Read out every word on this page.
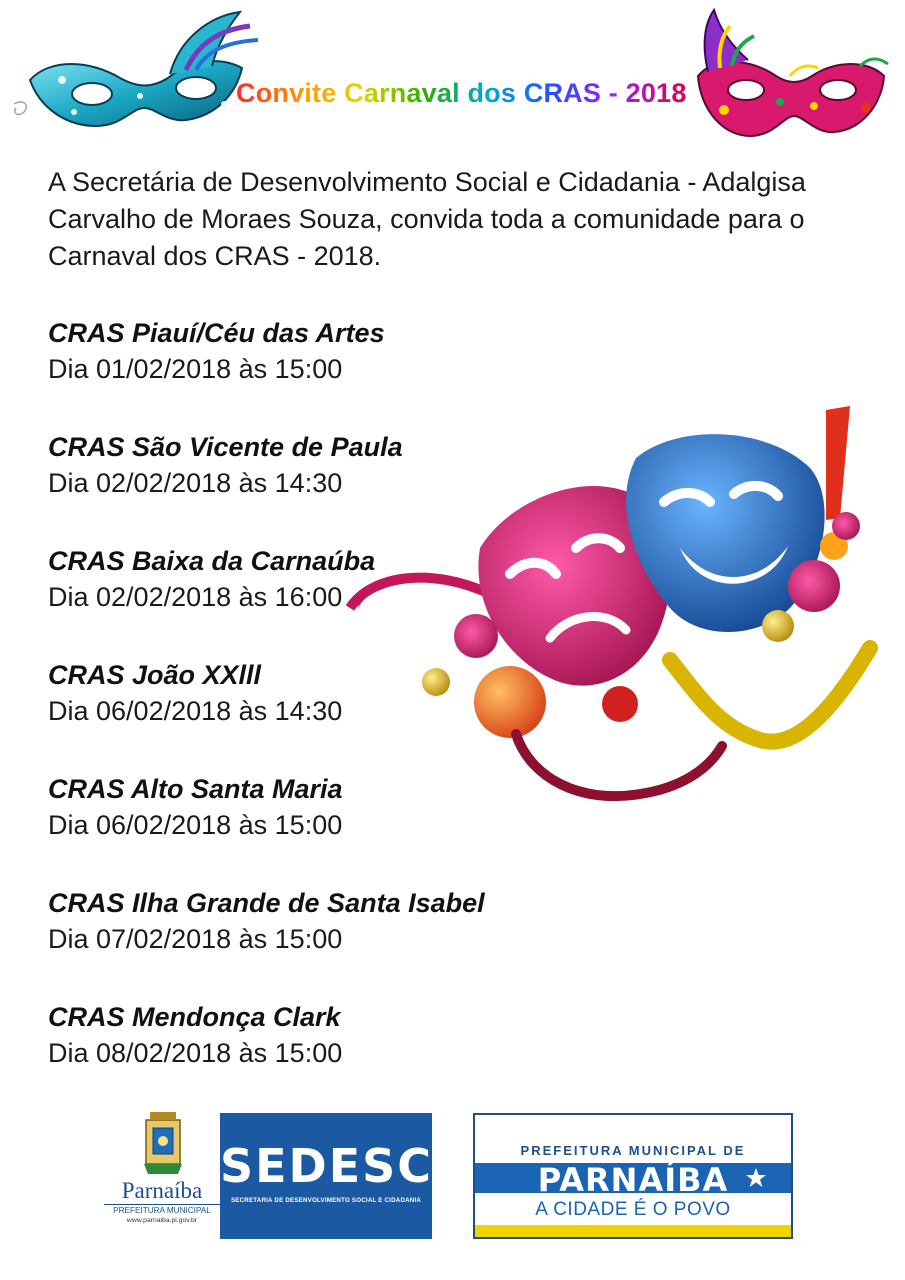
Convite Carnaval dos CRAS - 2018
A Secretária de Desenvolvimento Social e Cidadania - Adalgisa
Carvalho de Moraes Souza, convida toda a comunidade para o
Carnaval dos CRAS - 2018.
CRAS Piauí/Céu das Artes
Dia 01/02/2018 às 15:00
CRAS São Vicente de Paula
Dia 02/02/2018 às 14:30
CRAS Baixa da Carnaúba
Dia 02/02/2018 às 16:00
CRAS João XXlll
Dia 06/02/2018 às 14:30
CRAS Alto Santa Maria
Dia 06/02/2018 às 15:00
CRAS Ilha Grande de Santa Isabel
Dia 07/02/2018 às 15:00
CRAS Mendonça Clark
Dia 08/02/2018 às 15:00
Parnaíba
PREFEITURA MUNICIPAL
www.parnaiba.pi.gov.br
SEDESC
SECRETARIA DE DESENVOLVIMENTO SOCIAL E CIDADANIA
PREFEITURA MUNICIPAL DE
PARNAÍBA
A CIDADE É O POVO
